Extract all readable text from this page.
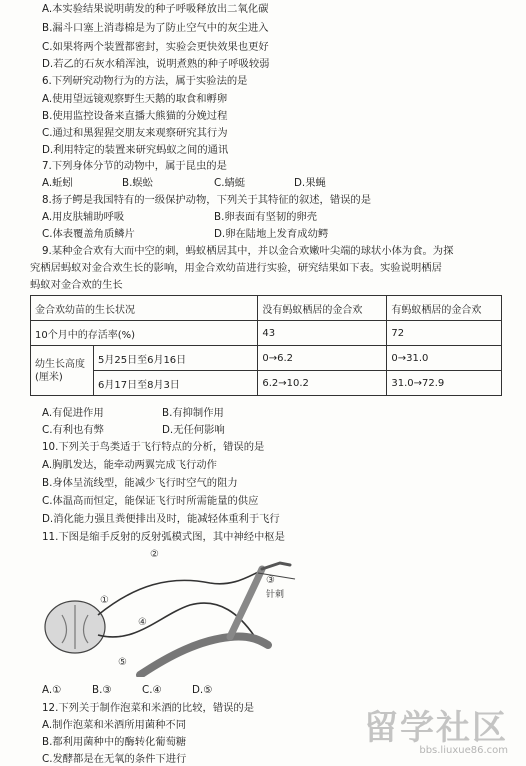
A.本实验结果说明萌发的种子呼吸释放出二氧化碳
B.漏斗口塞上消毒棉是为了防止空气中的灰尘进入
C.如果将两个装置都密封，实验会更快效果也更好
D.若乙的石灰水稍浑浊，说明煮熟的种子呼吸较弱
6.下列研究动物行为的方法，属于实验法的是
A.使用望远镜观察野生天鹅的取食和孵卵
B.使用监控设备来直播大熊猫的分娩过程
C.通过和黑猩猩交朋友来观察研究其行为
D.利用特定的装置来研究蚂蚁之间的通讯
7.下列身体分节的动物中，属于昆虫的是
A.蚯蚓	B.蜈蚣	C.蜻蜓	D.果蝇
8.扬子鳄是我国特有的一级保护动物，下列关于其特征的叙述，错误的是
A.用皮肤辅助呼吸	B.卵表面有坚韧的卵壳
C.体表覆盖角质鳞片	D.卵在陆地上发育成幼鳄
9.某种金合欢有大而中空的刺，蚂蚁栖居其中，并以金合欢嫩叶尖端的球状小体为食。为探
究栖居蚂蚁对金合欢生长的影响，用金合欢幼苗进行实验，研究结果如下表。实验说明栖居
蚂蚁对金合欢的生长
金合欢幼苗的生长状况		没有蚂蚁栖居的金合欢	有蚂蚁栖居的金合欢
10个月中的存活率(%)		43	72
幼生长高度(厘米)	5月25日至6月16日	0→6.2	0→31.0
	6月17日至8月3日	6.2→10.2	31.0→72.9
A.有促进作用	B.有抑制作用
C.有利也有弊	D.无任何影响
10.下列关于鸟类适于飞行特点的分析，错误的是
A.胸肌发达，能牵动两翼完成飞行动作
B.身体呈流线型，能减少飞行时空气的阻力
C.体温高而恒定，能保证飞行时所需能量的供应
D.消化能力强且粪便排出及时，能减轻体重利于飞行
11.下图是缩手反射的反射弧模式图，其中神经中枢是
②
①
③
④
⑤
针刺
A.①	B.③	C.④	D.⑤
12.下列关于制作泡菜和米酒的比较，错误的是
A.制作泡菜和米酒所用菌种不同
B.都利用菌种中的酶转化葡萄糖
C.发酵都是在无氧的条件下进行
留学社区
bbs.liuxue86.com
